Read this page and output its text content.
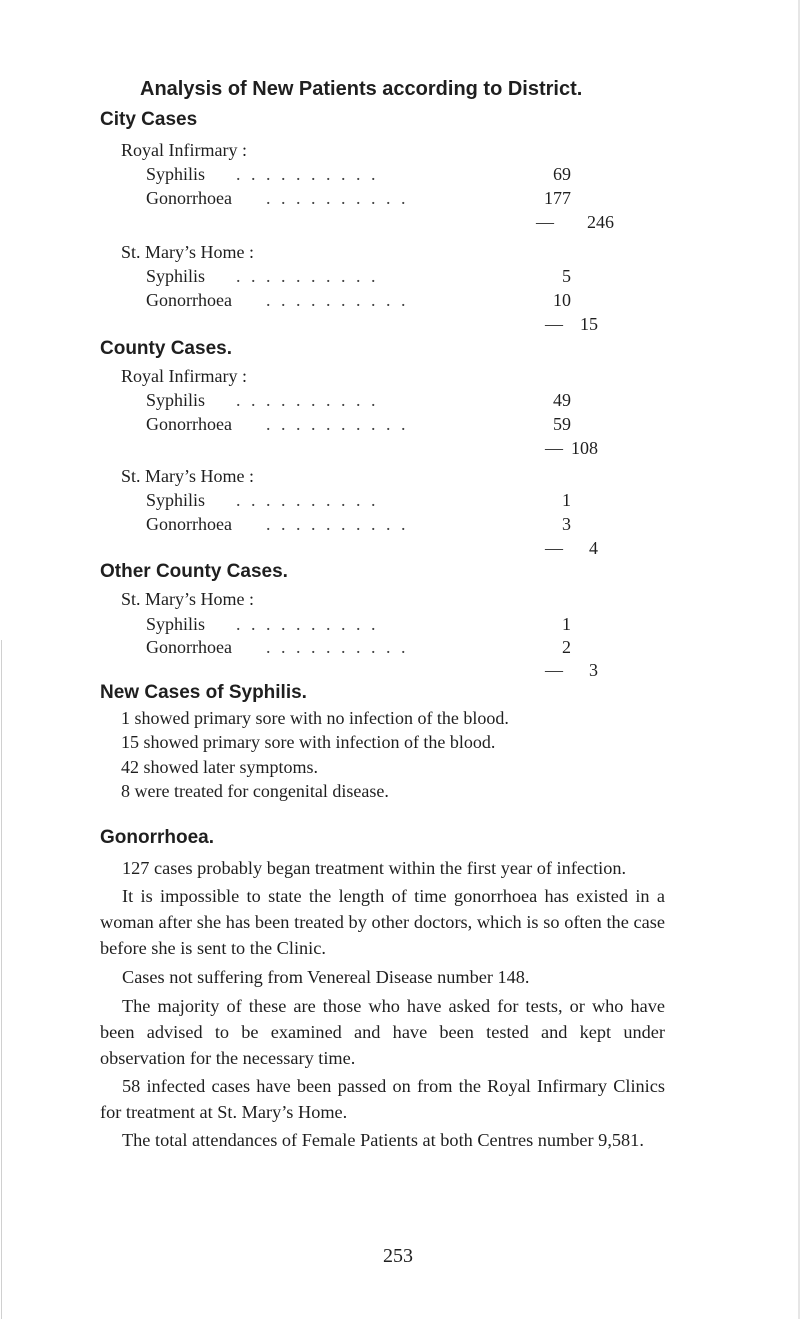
Analysis of New Patients according to District.
City Cases
Royal Infirmary :
Syphilis . . . . . . . . . .	69
Gonorrhoea . . . . . . . . . .	177
—	246
St. Mary’s Home :
Syphilis . . . . . . . . . .	5
Gonorrhoea . . . . . . . . . .	10
— 15
County Cases.
Royal Infirmary :
Syphilis . . . . . . . . . .	49
Gonorrhoea . . . . . . . . . .	59
— 108
St. Mary’s Home :
Syphilis . . . . . . . . . .	1
Gonorrhoea . . . . . . . . . .	3
—	4
Other County Cases.
St. Mary’s Home :
Syphilis . . . . . . . . . .	1
Gonorrhoea . . . . . . . . . .	2
—	3
New Cases of Syphilis.
1 showed primary sore with no infection of the blood.
15 showed primary sore with infection of the blood.
42 showed later symptoms.
8 were treated for congenital disease.
Gonorrhoea.
127 cases probably began treatment within the first year of infection.
It is impossible to state the length of time gonorrhoea has existed in a woman after she has been treated by other doctors, which is so often the case before she is sent to the Clinic.
Cases not suffering from Venereal Disease number 148.
The majority of these are those who have asked for tests, or who have been advised to be examined and have been tested and kept under observation for the necessary time.
58 infected cases have been passed on from the Royal Infirmary Clinics for treatment at St. Mary’s Home.
The total attendances of Female Patients at both Centres number 9,581.
253
